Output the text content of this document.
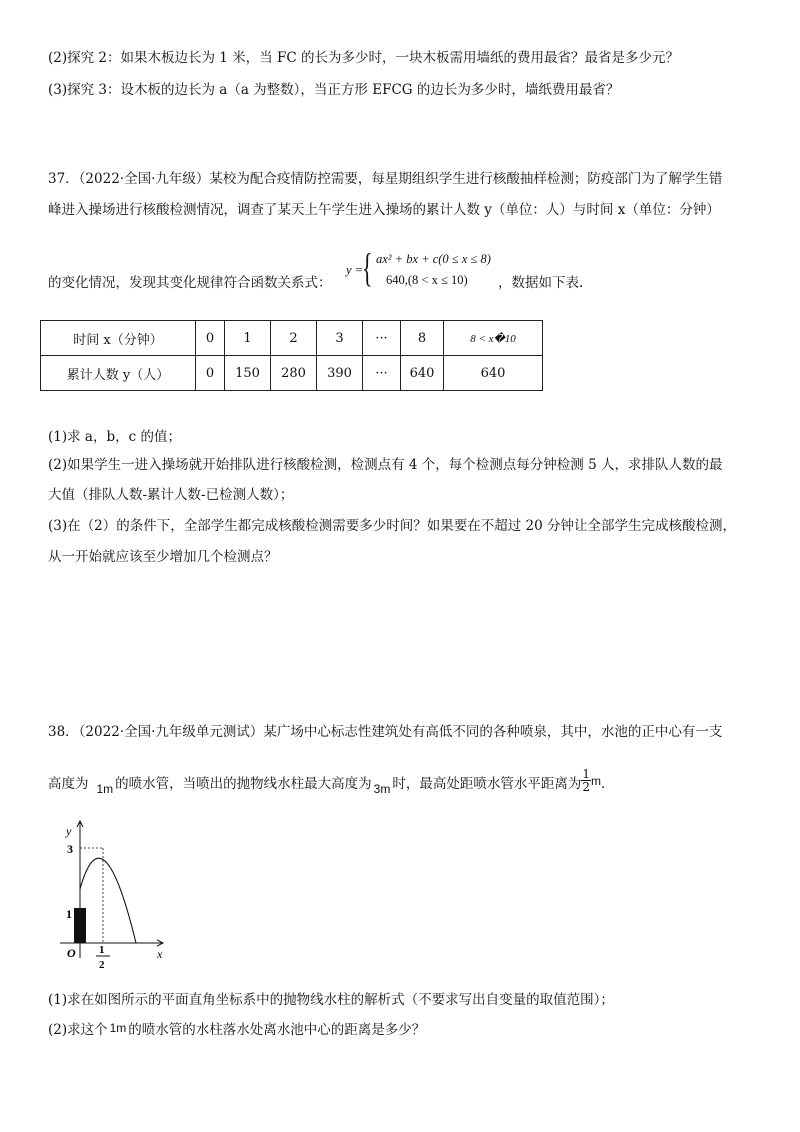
(2)探究 2：如果木板边长为 1 米，当 FC 的长为多少时，一块木板需用墙纸的费用最省？最省是多少元？
(3)探究 3：设木板的边长为 a（a 为整数），当正方形 EFCG 的边长为多少时，墙纸费用最省？
37．（2022·全国·九年级）某校为配合疫情防控需要，每星期组织学生进行核酸抽样检测；防疫部门为了解学生错
峰进入操场进行核酸检测情况，调查了某天上午学生进入操场的累计人数 y（单位：人）与时间 x（单位：分钟）
的变化情况，发现其变化规律符合函数关系式：
y =
{ ax² + bx + c(0 ≤ x ≤ 8)
640,(8 < x ≤ 10) ，数据如下表.
时间 x（分钟）	0	1	2	3	···	8	8 < x�10
累计人数 y（人）	0	150	280	390	···	640	640
(1)求 a，b，c 的值；
(2)如果学生一进入操场就开始排队进行核酸检测，检测点有 4 个，每个检测点每分钟检测 5 人，求排队人数的最
大值（排队人数-累计人数-已检测人数）；
(3)在（2）的条件下，全部学生都完成核酸检测需要多少时间？如果要在不超过 20 分钟让全部学生完成核酸检测，
从一开始就应该至少增加几个检测点？
38．（2022·全国·九年级单元测试）某广场中心标志性建筑处有高低不同的各种喷泉，其中，水池的正中心有一支
高度为 1m 的喷水管，当喷出的抛物线水柱最大高度为 3m 时，最高处距喷水管水平距离为 $\frac{1}{2}$ m．
y
x
O
3
1
1
2
(1)求在如图所示的平面直角坐标系中的抛物线水柱的解析式（不要求写出自变量的取值范围）；
(2)求这个 1m 的喷水管的水柱落水处离水池中心的距离是多少？
